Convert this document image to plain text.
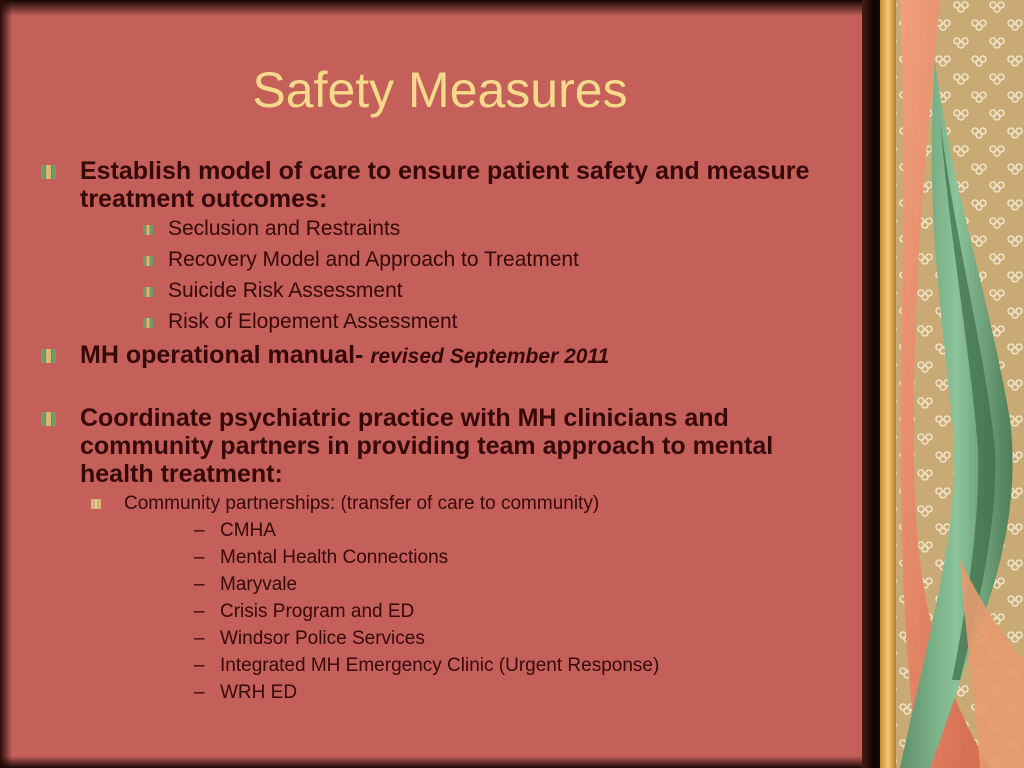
Safety Measures
Establish model of care to ensure patient safety and measure treatment outcomes:
Seclusion and Restraints
Recovery Model and Approach to Treatment
Suicide Risk Assessment
Risk of Elopement Assessment
MH operational manual- revised September 2011
Coordinate psychiatric practice with MH clinicians and community partners in providing team approach to mental health treatment:
Community partnerships: (transfer of care to community)
– CMHA
– Mental Health Connections
– Maryvale
– Crisis Program and ED
– Windsor Police Services
– Integrated MH Emergency Clinic (Urgent Response)
– WRH ED
